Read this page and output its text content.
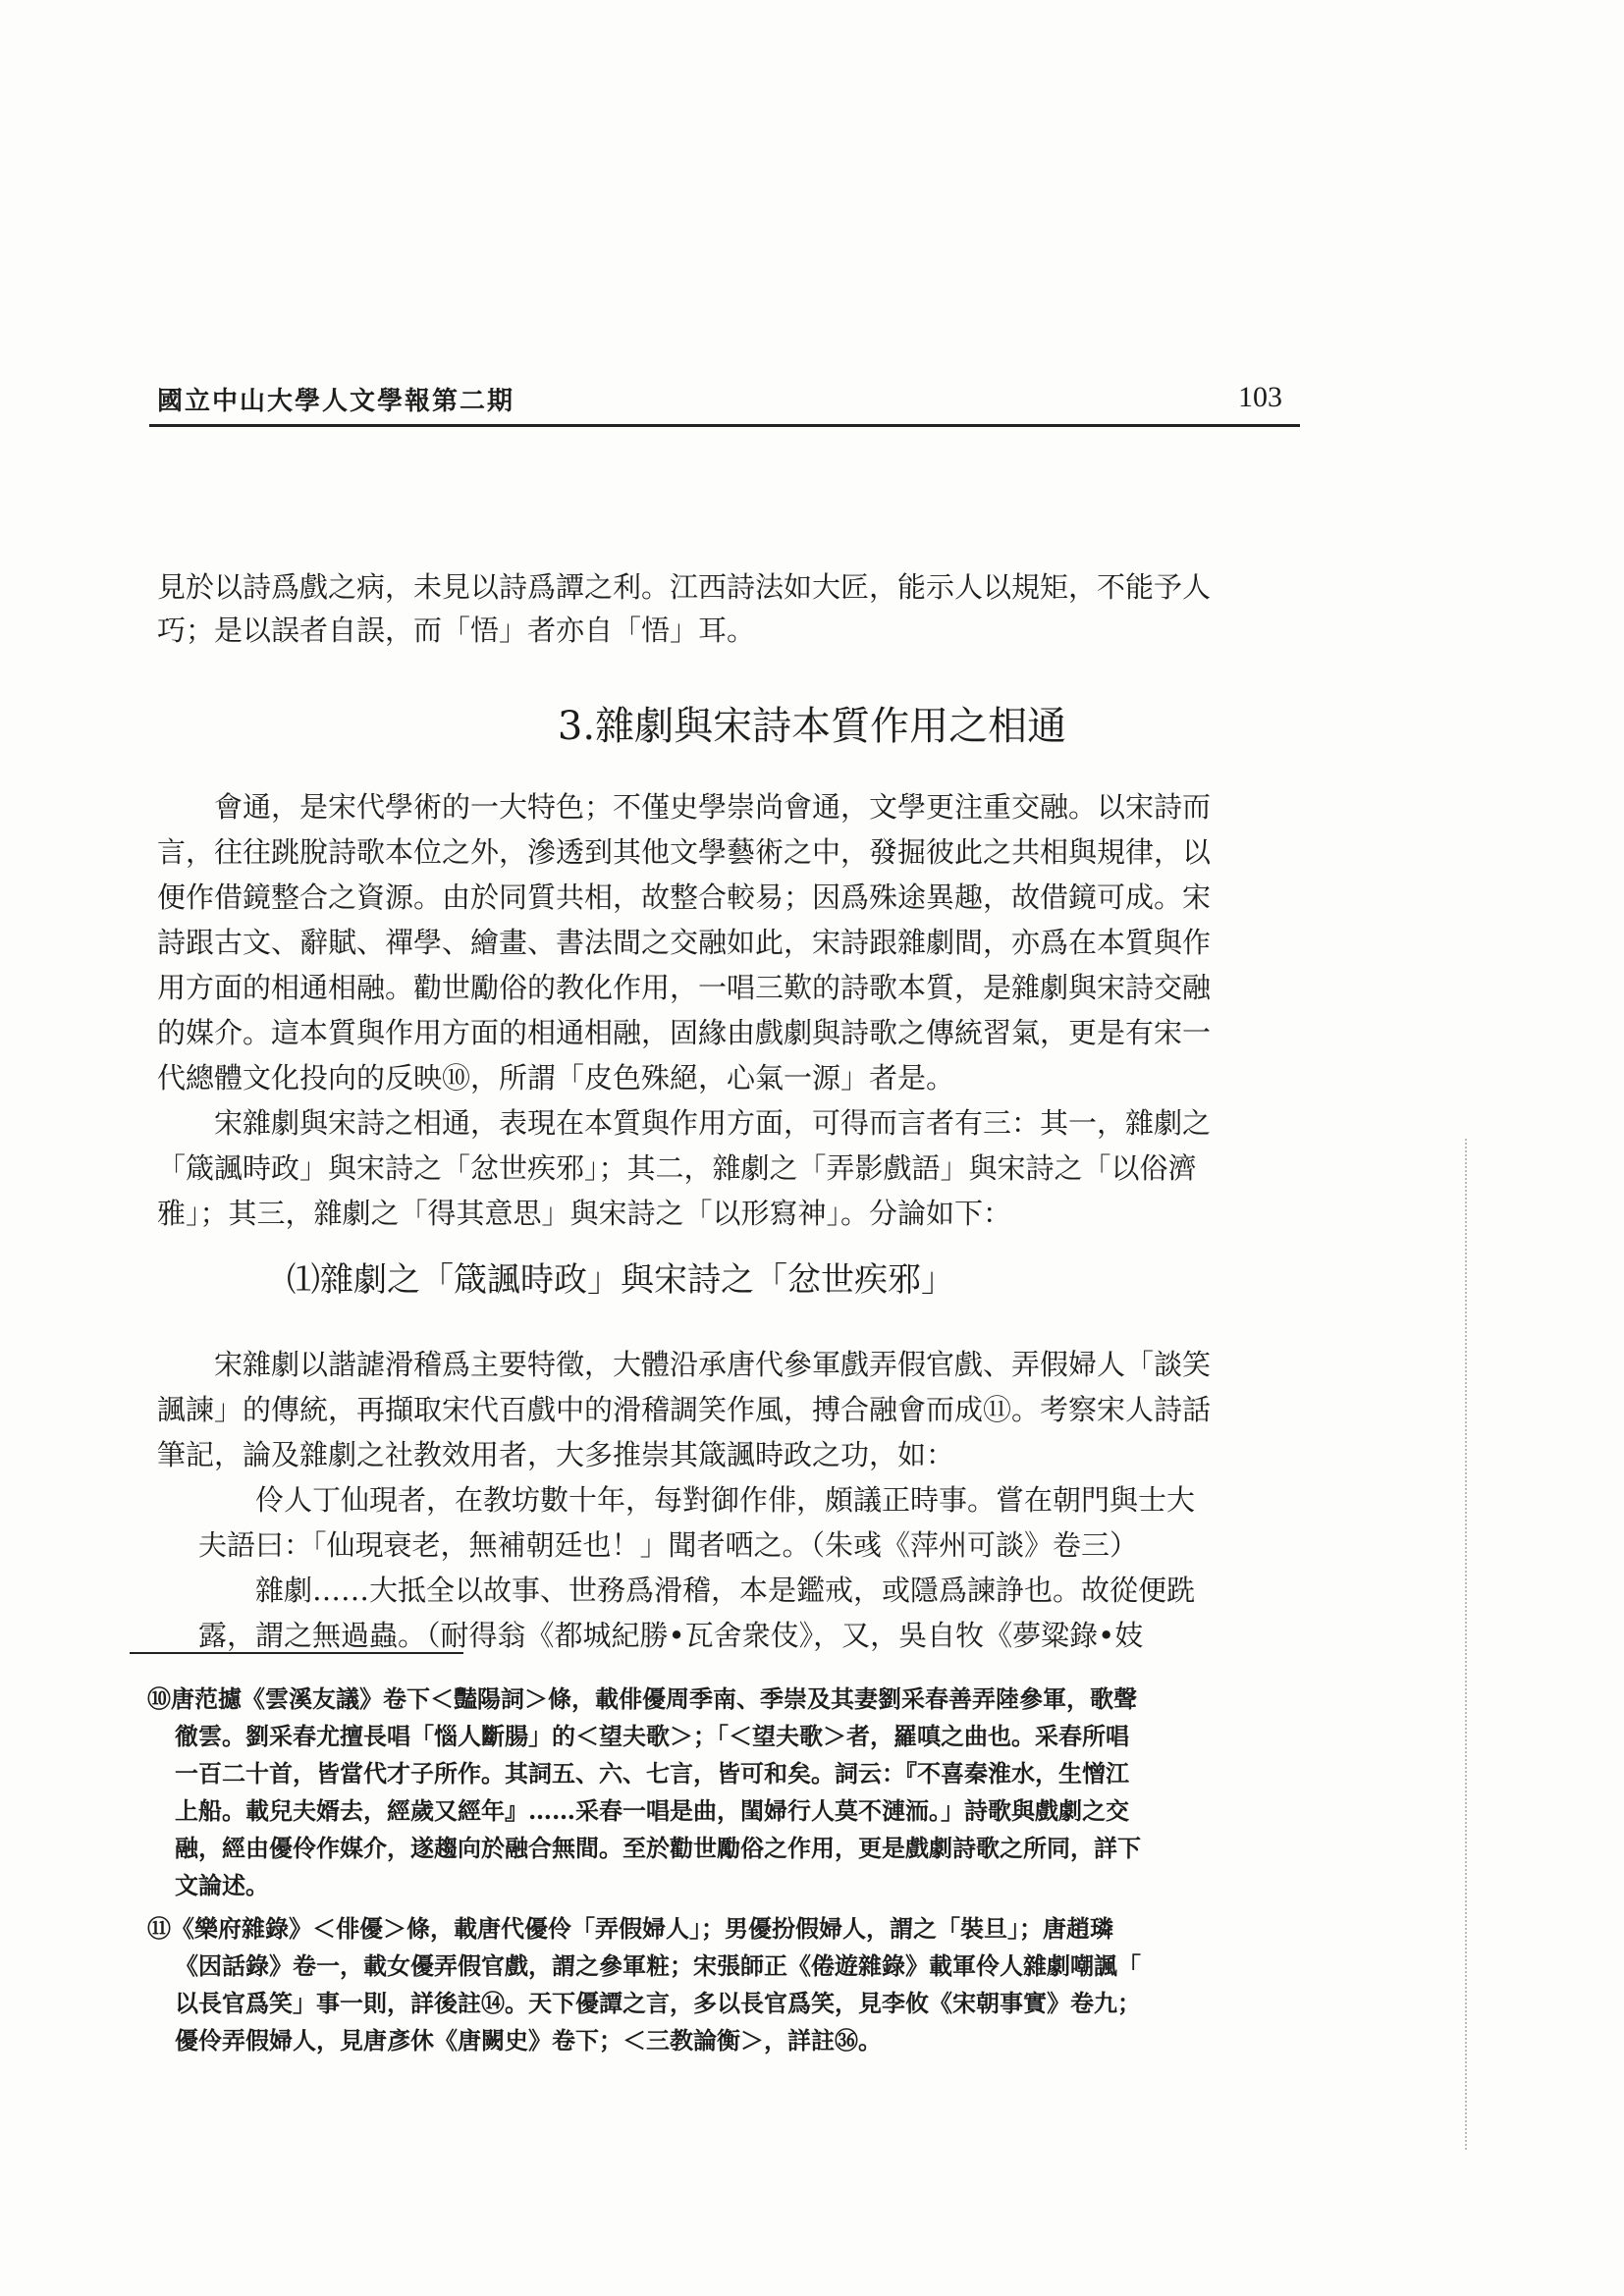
國立中山大學人文學報第二期	103
見於以詩爲戲之病，未見以詩爲譚之利。江西詩法如大匠，能示人以規矩，不能予人
巧；是以誤者自誤，而「悟」者亦自「悟」耳。
3.雜劇與宋詩本質作用之相通
會通，是宋代學術的一大特色；不僅史學崇尚會通，文學更注重交融。以宋詩而
言，往往跳脫詩歌本位之外，滲透到其他文學藝術之中，發掘彼此之共相與規律，以
便作借鏡整合之資源。由於同質共相，故整合較易；因爲殊途異趣，故借鏡可成。宋
詩跟古文、辭賦、禪學、繪畫、書法間之交融如此，宋詩跟雜劇間，亦爲在本質與作
用方面的相通相融。勸世勵俗的教化作用，一唱三歎的詩歌本質，是雜劇與宋詩交融
的媒介。這本質與作用方面的相通相融，固緣由戲劇與詩歌之傳統習氣，更是有宋一
代總體文化投向的反映⑩，所謂「皮色殊絕，心氣一源」者是。
宋雜劇與宋詩之相通，表現在本質與作用方面，可得而言者有三：其一，雜劇之
「箴諷時政」與宋詩之「忿世疾邪」；其二，雜劇之「弄影戲語」與宋詩之「以俗濟
雅」；其三，雜劇之「得其意思」與宋詩之「以形寫神」。分論如下：
⑴雜劇之「箴諷時政」與宋詩之「忿世疾邪」
宋雜劇以諧謔滑稽爲主要特徵，大體沿承唐代參軍戲弄假官戲、弄假婦人「談笑
諷諫」的傳統，再擷取宋代百戲中的滑稽調笑作風，搏合融會而成⑪。考察宋人詩話
筆記，論及雜劇之社教效用者，大多推崇其箴諷時政之功，如：
伶人丁仙現者，在教坊數十年，每對御作俳，頗議正時事。嘗在朝門與士大
夫語曰：「仙現衰老，無補朝廷也！」聞者哂之。（朱彧《萍州可談》卷三）
雜劇……大抵全以故事、世務爲滑稽，本是鑑戒，或隱爲諫諍也。故從便跣
露，謂之無過蟲。（耐得翁《都城紀勝•瓦舍衆伎》，又，吳自牧《夢粱錄•妓
⑩唐范攄《雲溪友議》卷下＜豔陽詞＞條，載俳優周季南、季崇及其妻劉采春善弄陸參軍，歌聲
徹雲。劉采春尤擅長唱「惱人斷腸」的＜望夫歌＞；「＜望夫歌＞者，羅嗔之曲也。采春所唱
一百二十首，皆當代才子所作。其詞五、六、七言，皆可和矣。詞云：『不喜秦淮水，生憎江
上船。載兒夫婿去，經歲又經年』……采春一唱是曲，閨婦行人莫不漣洏。」詩歌與戲劇之交
融，經由優伶作媒介，遂趨向於融合無間。至於勸世勵俗之作用，更是戲劇詩歌之所同，詳下
文論述。
⑪《樂府雜錄》＜俳優＞條，載唐代優伶「弄假婦人」；男優扮假婦人，謂之「裝旦」；唐趙璘
《因話錄》卷一，載女優弄假官戲，謂之參軍粧；宋張師正《倦遊雜錄》載軍伶人雜劇嘲諷「
以長官爲笑」事一則，詳後註⑭。天下優譚之言，多以長官爲笑，見李攸《宋朝事實》卷九；
優伶弄假婦人，見唐彥休《唐闕史》卷下；＜三教論衡＞，詳註㊱。
